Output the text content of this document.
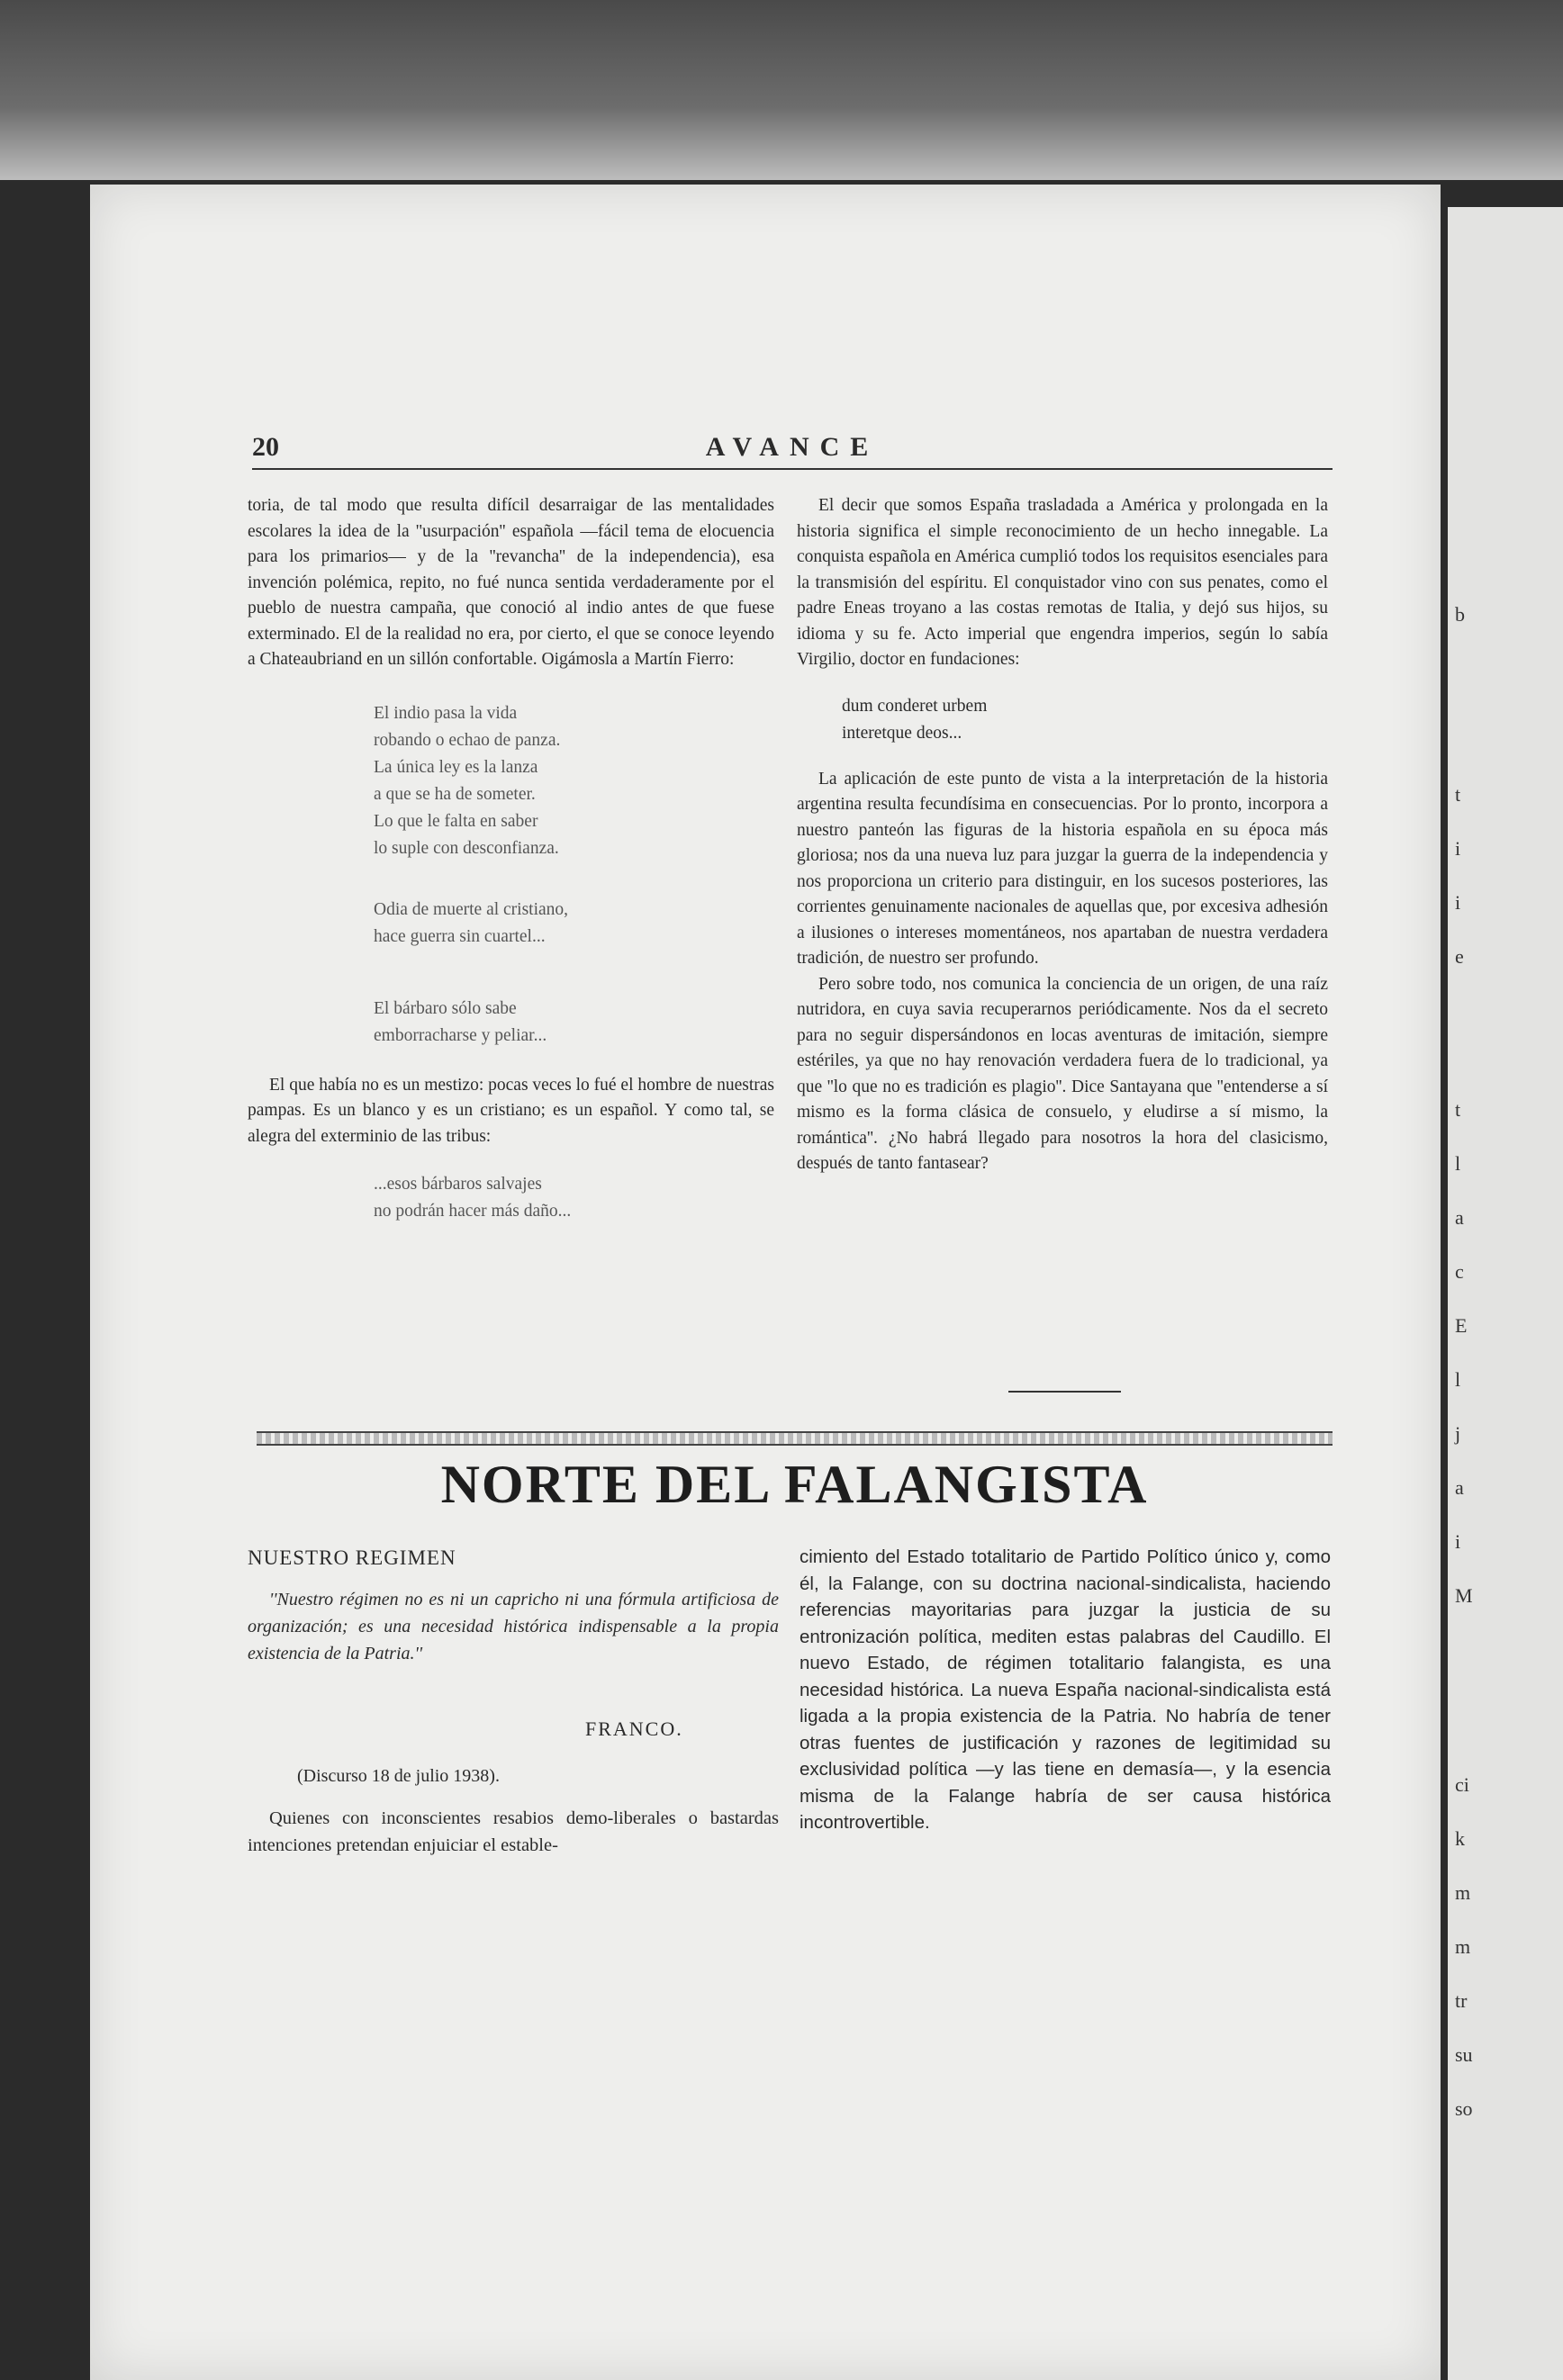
b
t
i
i
e
t
l
a
c
E
l
j
a
i
M
ci
k
m
m
tr
su
so
20	AVANCE

toria, de tal modo que resulta difícil desarraigar de las mentalidades escolares la idea de la ''usurpación'' española —fácil tema de elocuencia para los primarios— y de la ''revancha'' de la independencia), esa invención polémica, repito, no fué nunca sentida verdaderamente por el pueblo de nuestra campaña, que conoció al indio antes de que fuese exterminado. El de la realidad no era, por cierto, el que se conoce leyendo a Chateaubriand en un sillón confortable. Oigámosla a Martín Fierro:

El indio pasa la vida
robando o echao de panza.
La única ley es la lanza
a que se ha de someter.
Lo que le falta en saber
lo suple con desconfianza.
Odia de muerte al cristiano,
hace guerra sin cuartel...
El bárbaro sólo sabe
emborracharse y peliar...

El que había no es un mestizo: pocas veces lo fué el hombre de nuestras pampas. Es un blanco y es un cristiano; es un español. Y como tal, se alegra del exterminio de las tribus:

...esos bárbaros salvajes
no podrán hacer más daño...

El decir que somos España trasladada a América y prolongada en la historia significa el simple reconocimiento de un hecho innegable. La conquista española en América cumplió todos los requisitos esenciales para la transmisión del espíritu. El conquistador vino con sus penates, como el padre Eneas troyano a las costas remotas de Italia, y dejó sus hijos, su idioma y su fe. Acto imperial que engendra imperios, según lo sabía Virgilio, doctor en fundaciones:

dum conderet urbem
interetque deos...

La aplicación de este punto de vista a la interpretación de la historia argentina resulta fecundísima en consecuencias. Por lo pronto, incorpora a nuestro panteón las figuras de la historia española en su época más gloriosa; nos da una nueva luz para juzgar la guerra de la independencia y nos proporciona un criterio para distinguir, en los sucesos posteriores, las corrientes genuinamente nacionales de aquellas que, por excesiva adhesión a ilusiones o intereses momentáneos, nos apartaban de nuestra verdadera tradición, de nuestro ser profundo.

Pero sobre todo, nos comunica la conciencia de un origen, de una raíz nutridora, en cuya savia recuperarnos periódicamente. Nos da el secreto para no seguir dispersándonos en locas aventuras de imitación, siempre estériles, ya que no hay renovación verdadera fuera de lo tradicional, ya que ''lo que no es tradición es plagio''. Dice Santayana que ''entenderse a sí mismo es la forma clásica de consuelo, y eludirse a sí mismo, la romántica''. ¿No habrá llegado para nosotros la hora del clasicismo, después de tanto fantasear?

NORTE DEL FALANGISTA
NUESTRO REGIMEN
''Nuestro régimen no es ni un capricho ni una fórmula artificiosa de organización; es una necesidad histórica indispensable a la propia existencia de la Patria.''
FRANCO.
(Discurso 18 de julio 1938).

Quienes con inconscientes resabios demo-liberales o bastardas intenciones pretendan enjuiciar el estable-

cimiento del Estado totalitario de Partido Político único y, como él, la Falange, con su doctrina nacional-sindicalista, haciendo referencias mayoritarias para juzgar la justicia de su entronización política, mediten estas palabras del Caudillo. El nuevo Estado, de régimen totalitario falangista, es una necesidad histórica. La nueva España nacional-sindicalista está ligada a la propia existencia de la Patria. No habría de tener otras fuentes de justificación y razones de legitimidad su exclusividad política —y las tiene en demasía—, y la esencia misma de la Falange habría de ser causa histórica incontrovertible.
